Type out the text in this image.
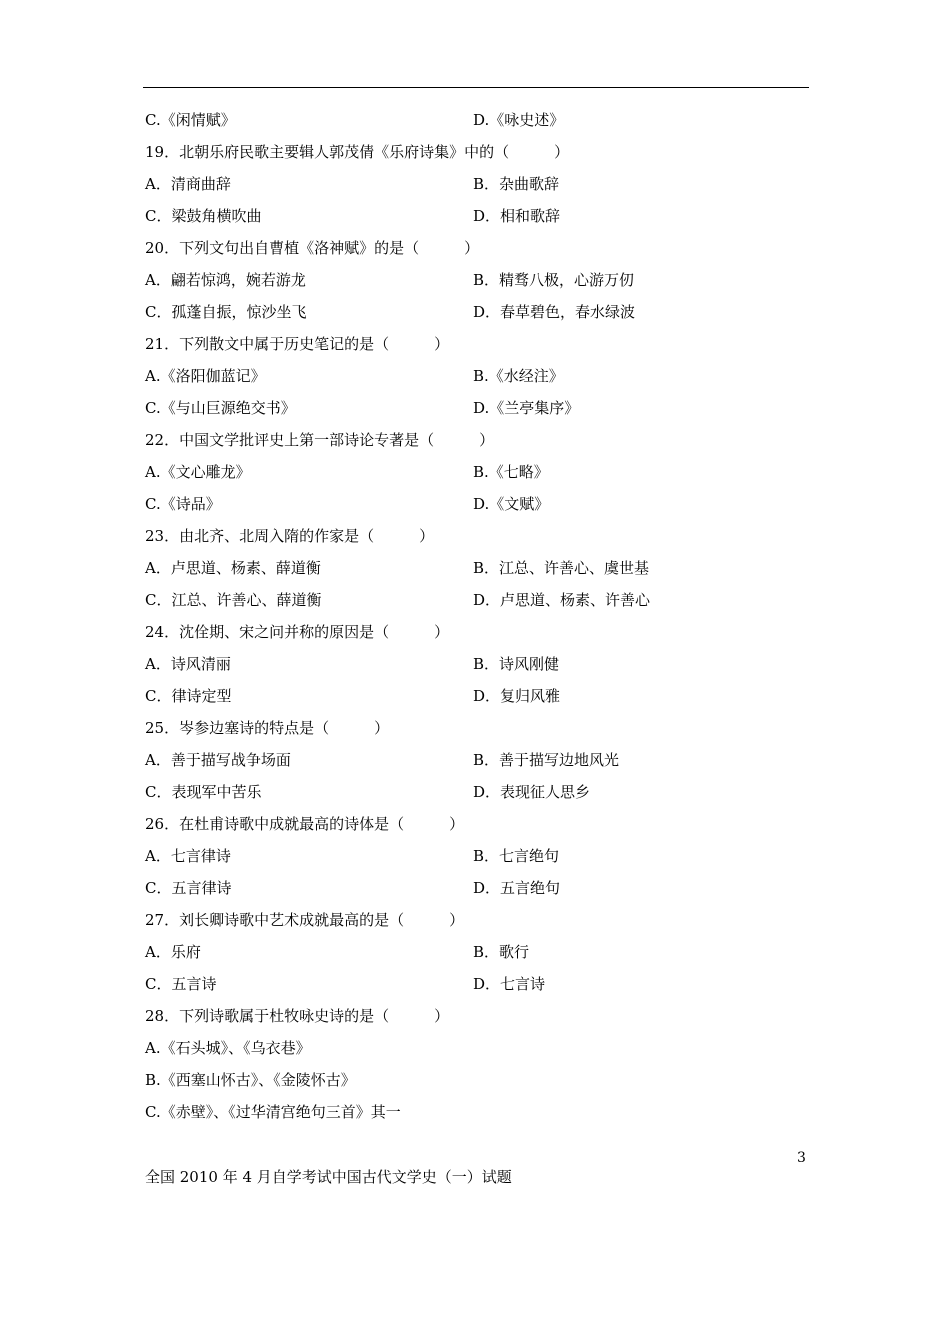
C.《闲情赋》	D.《咏史述》
19．北朝乐府民歌主要辑人郭茂倩《乐府诗集》中的（　　　）
A．清商曲辞	B．杂曲歌辞
C．梁鼓角横吹曲	D．相和歌辞
20．下列文句出自曹植《洛神赋》的是（　　　）
A．翩若惊鸿，婉若游龙	B．精骛八极，心游万仞
C．孤蓬自振，惊沙坐飞	D．春草碧色，春水绿波
21．下列散文中属于历史笔记的是（　　　）
A.《洛阳伽蓝记》	B.《水经注》
C.《与山巨源绝交书》	D.《兰亭集序》
22．中国文学批评史上第一部诗论专著是（　　　）
A.《文心雕龙》	B.《七略》
C.《诗品》	D.《文赋》
23．由北齐、北周入隋的作家是（　　　）
A．卢思道、杨素、薛道衡	B．江总、许善心、虞世基
C．江总、许善心、薛道衡	D．卢思道、杨素、许善心
24．沈佺期、宋之问并称的原因是（　　　）
A．诗风清丽	B．诗风刚健
C．律诗定型	D．复归风雅
25．岑参边塞诗的特点是（　　　）
A．善于描写战争场面	B．善于描写边地风光
C．表现军中苦乐	D．表现征人思乡
26．在杜甫诗歌中成就最高的诗体是（　　　）
A．七言律诗	B．七言绝句
C．五言律诗	D．五言绝句
27．刘长卿诗歌中艺术成就最高的是（　　　）
A．乐府	B．歌行
C．五言诗	D．七言诗
28．下列诗歌属于杜牧咏史诗的是（　　　）
A.《石头城》、《乌衣巷》
B.《西塞山怀古》、《金陵怀古》
C.《赤壁》、《过华清宫绝句三首》其一
3
全国 2010 年 4 月自学考试中国古代文学史（一）试题
